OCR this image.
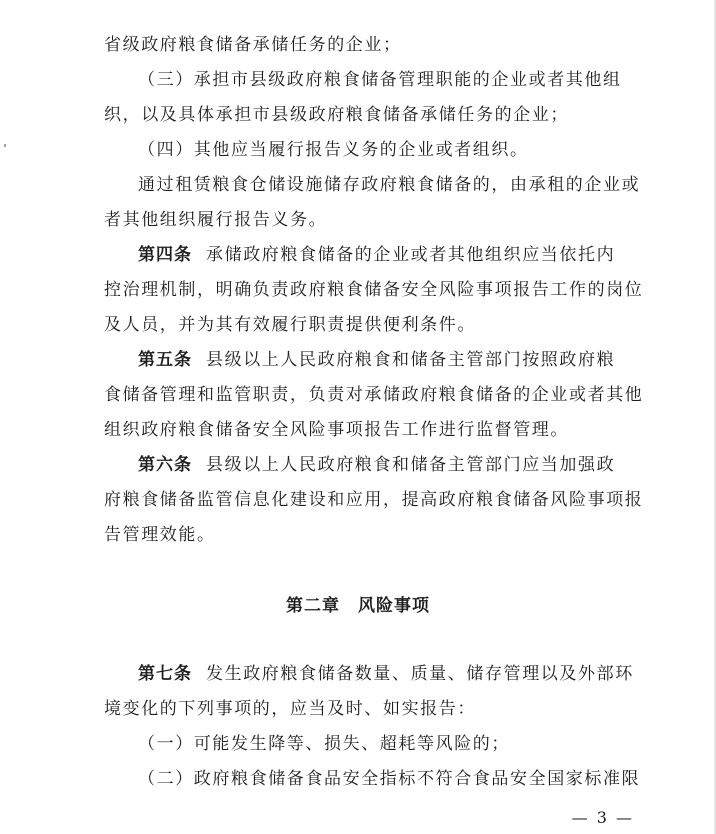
省级政府粮食储备承储任务的企业；
（三）承担市县级政府粮食储备管理职能的企业或者其他组
织，以及具体承担市县级政府粮食储备承储任务的企业；
（四）其他应当履行报告义务的企业或者组织。
通过租赁粮食仓储设施储存政府粮食储备的，由承租的企业或
者其他组织履行报告义务。
第四条 承储政府粮食储备的企业或者其他组织应当依托内
控治理机制，明确负责政府粮食储备安全风险事项报告工作的岗位
及人员，并为其有效履行职责提供便利条件。
第五条 县级以上人民政府粮食和储备主管部门按照政府粮
食储备管理和监管职责，负责对承储政府粮食储备的企业或者其他
组织政府粮食储备安全风险事项报告工作进行监督管理。
第六条 县级以上人民政府粮食和储备主管部门应当加强政
府粮食储备监管信息化建设和应用，提高政府粮食储备风险事项报
告管理效能。
第二章 风险事项
第七条 发生政府粮食储备数量、质量、储存管理以及外部环
境变化的下列事项的，应当及时、如实报告：
（一）可能发生降等、损失、超耗等风险的；
（二）政府粮食储备食品安全指标不符合食品安全国家标准限
— 3 —
